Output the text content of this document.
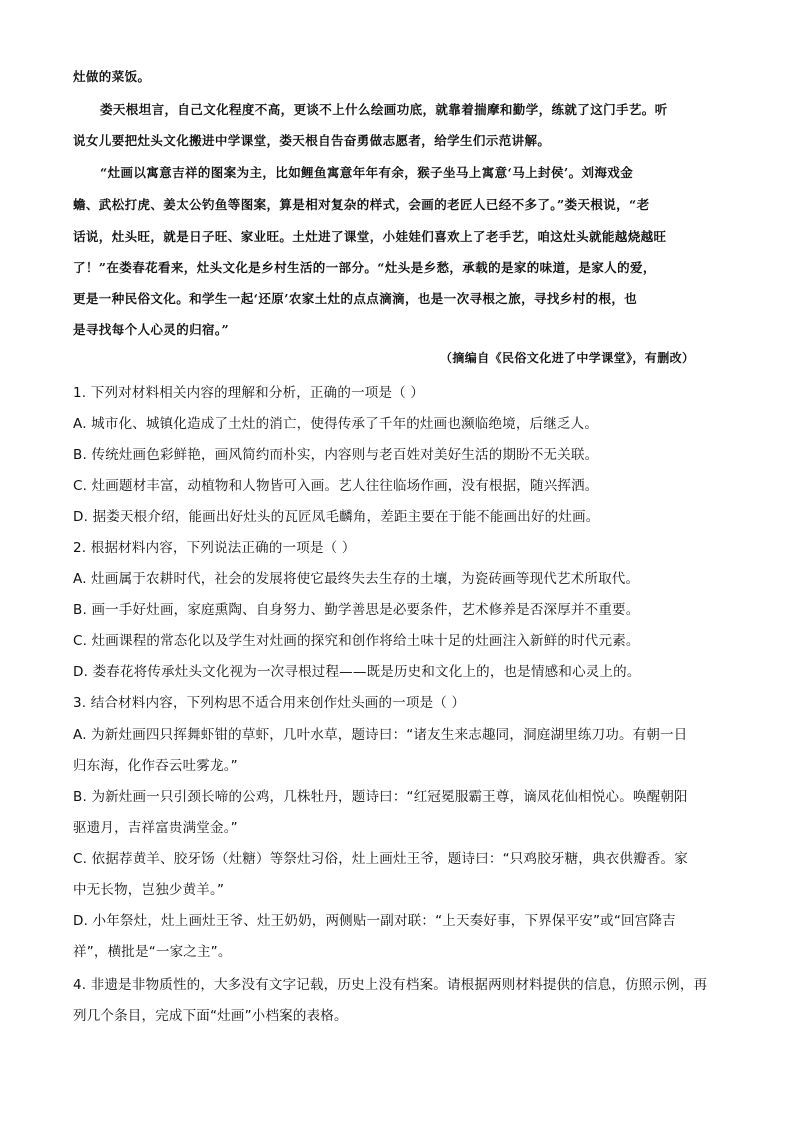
灶做的菜饭。
娄天根坦言，自己文化程度不高，更谈不上什么绘画功底，就靠着揣摩和勤学，练就了这门手艺。听
说女儿要把灶头文化搬进中学课堂，娄天根自告奋勇做志愿者，给学生们示范讲解。
“灶画以寓意吉祥的图案为主，比如鲤鱼寓意年年有余，猴子坐马上寓意‘马上封侯’。刘海戏金
蟾、武松打虎、姜太公钓鱼等图案，算是相对复杂的样式，会画的老匠人已经不多了。”娄天根说，“老
话说，灶头旺，就是日子旺、家业旺。土灶进了课堂，小娃娃们喜欢上了老手艺，咱这灶头就能越烧越旺
了！”在娄春花看来，灶头文化是乡村生活的一部分。“灶头是乡愁，承载的是家的味道，是家人的爱，
更是一种民俗文化。和学生一起‘还原’农家土灶的点点滴滴，也是一次寻根之旅，寻找乡村的根，也
是寻找每个人心灵的归宿。”
（摘编自《民俗文化进了中学课堂》，有删改）
1. 下列对材料相关内容的理解和分析，正确的一项是（ ）
A. 城市化、城镇化造成了土灶的消亡，使得传承了千年的灶画也濒临绝境，后继乏人。
B. 传统灶画色彩鲜艳，画风简约而朴实，内容则与老百姓对美好生活的期盼不无关联。
C. 灶画题材丰富，动植物和人物皆可入画。艺人往往临场作画，没有根据，随兴挥洒。
D. 据娄天根介绍，能画出好灶头的瓦匠凤毛麟角，差距主要在于能不能画出好的灶画。
2. 根据材料内容，下列说法正确的一项是（ ）
A. 灶画属于农耕时代，社会的发展将使它最终失去生存的土壤，为瓷砖画等现代艺术所取代。
B. 画一手好灶画，家庭熏陶、自身努力、勤学善思是必要条件，艺术修养是否深厚并不重要。
C. 灶画课程的常态化以及学生对灶画的探究和创作将给土味十足的灶画注入新鲜的时代元素。
D. 娄春花将传承灶头文化视为一次寻根过程——既是历史和文化上的，也是情感和心灵上的。
3. 结合材料内容，下列构思不适合用来创作灶头画的一项是（ ）
A. 为新灶画四只挥舞虾钳的草虾，几叶水草，题诗曰：“诸友生来志趣同，洞庭湖里练刀功。有朝一日
归东海，化作吞云吐雾龙。”
B. 为新灶画一只引颈长啼的公鸡，几株牡丹，题诗曰：“红冠冕服霸王尊，谪凤花仙相悦心。唤醒朝阳
驱遗月，吉祥富贵满堂金。”
C. 依据荐黄羊、胶牙饧（灶糖）等祭灶习俗，灶上画灶王爷，题诗曰：“只鸡胶牙糖，典衣供瓣香。家
中无长物，岂独少黄羊。”
D. 小年祭灶，灶上画灶王爷、灶王奶奶，两侧贴一副对联：“上天奏好事，下界保平安”或“回宫降吉
祥”，横批是“一家之主”。
4. 非遗是非物质性的，大多没有文字记载，历史上没有档案。请根据两则材料提供的信息，仿照示例，再
列几个条目，完成下面“灶画”小档案的表格。
